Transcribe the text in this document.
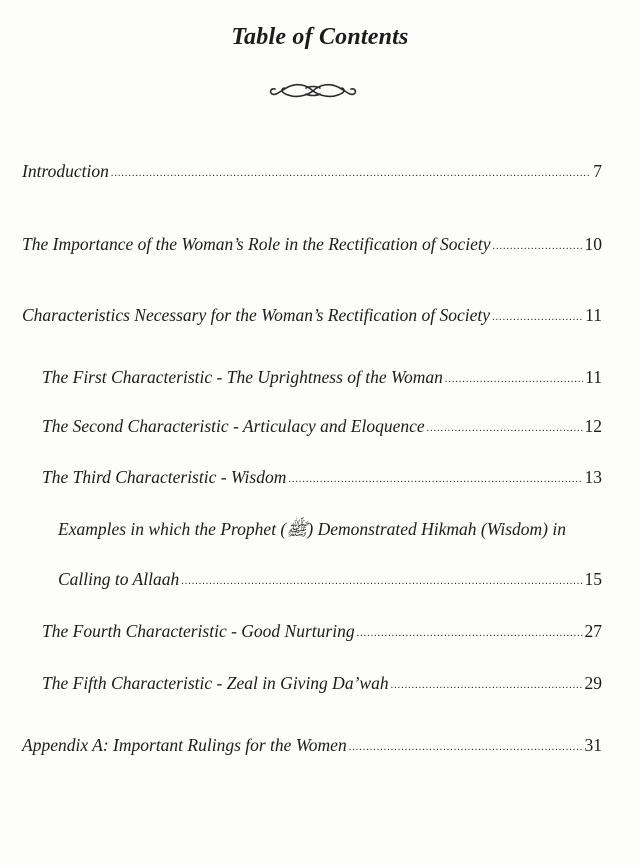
Table of Contents
Introduction .....	7
The Importance of the Woman’s Role in the Rectification of Society .....	10
Characteristics Necessary for the Woman’s Rectification of Society .....	11
The First Characteristic - The Uprightness of the Woman .....	11
The Second Characteristic - Articulacy and Eloquence .....	12
The Third Characteristic - Wisdom .....	13
Examples in which the Prophet (ﷺ) Demonstrated Hikmah (Wisdom) in
Calling to Allaah .....	15
The Fourth Characteristic - Good Nurturing .....	27
The Fifth Characteristic - Zeal in Giving Da’wah .....	29
Appendix A: Important Rulings for the Women .....	31
